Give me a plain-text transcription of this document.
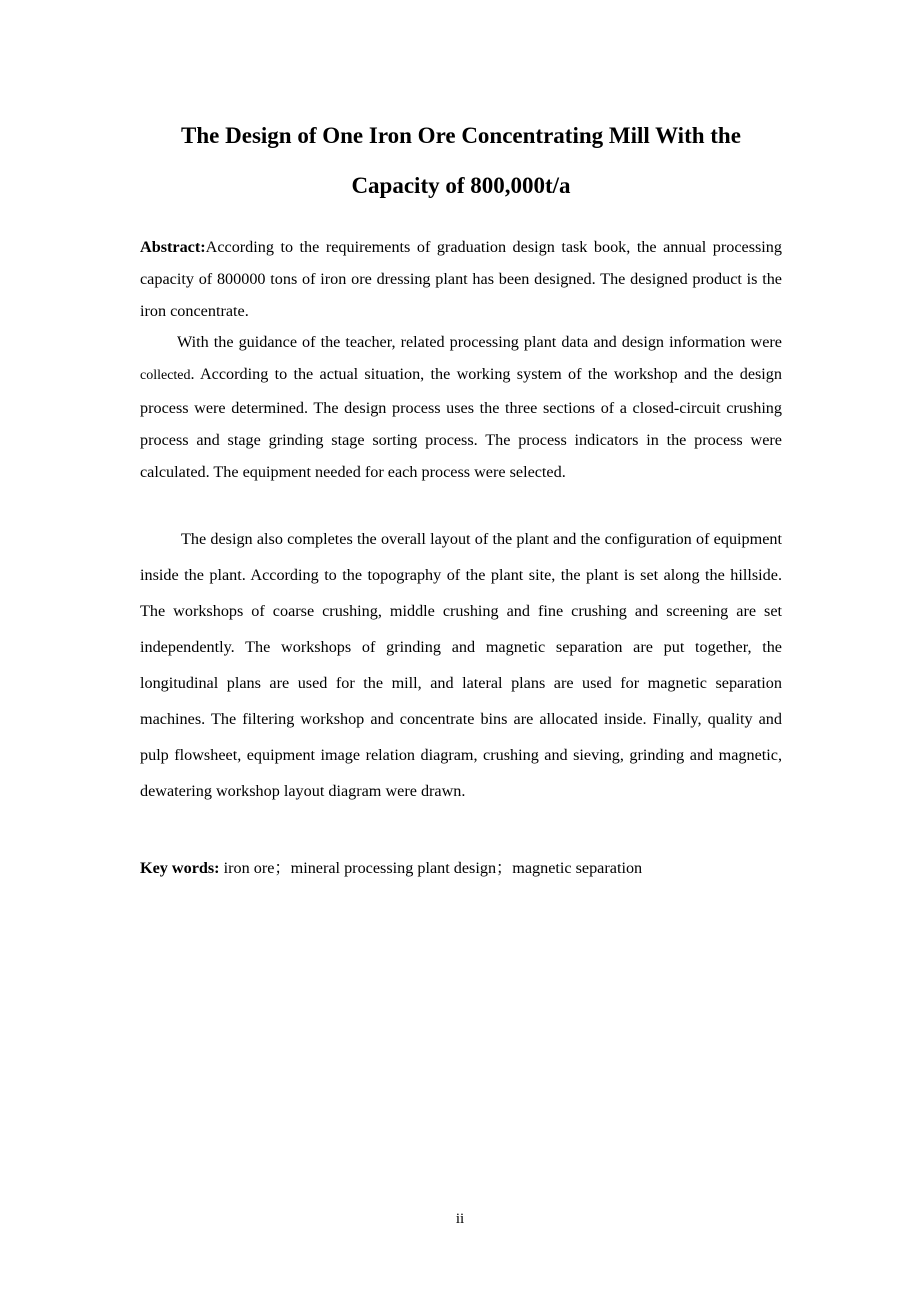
The Design of One Iron Ore Concentrating Mill With the
Capacity of 800,000t/a

Abstract:According to the requirements of graduation design task book, the annual processing capacity of 800000 tons of iron ore dressing plant has been designed. The designed product is the iron concentrate.

With the guidance of the teacher, related processing plant data and design information were collected. According to the actual situation, the working system of the workshop and the design process were determined. The design process uses the three sections of a closed-circuit crushing process and stage grinding stage sorting process. The process indicators in the process were calculated. The equipment needed for each process were selected.

The design also completes the overall layout of the plant and the configuration of equipment inside the plant. According to the topography of the plant site, the plant is set along the hillside. The workshops of coarse crushing, middle crushing and fine crushing and screening are set independently. The workshops of grinding and magnetic separation are put together, the longitudinal plans are used for the mill, and lateral plans are used for magnetic separation machines. The filtering workshop and concentrate bins are allocated inside. Finally, quality and pulp flowsheet, equipment image relation diagram, crushing and sieving, grinding and magnetic, dewatering workshop layout diagram were drawn.

Key words: iron ore；mineral processing plant design；magnetic separation

ii
